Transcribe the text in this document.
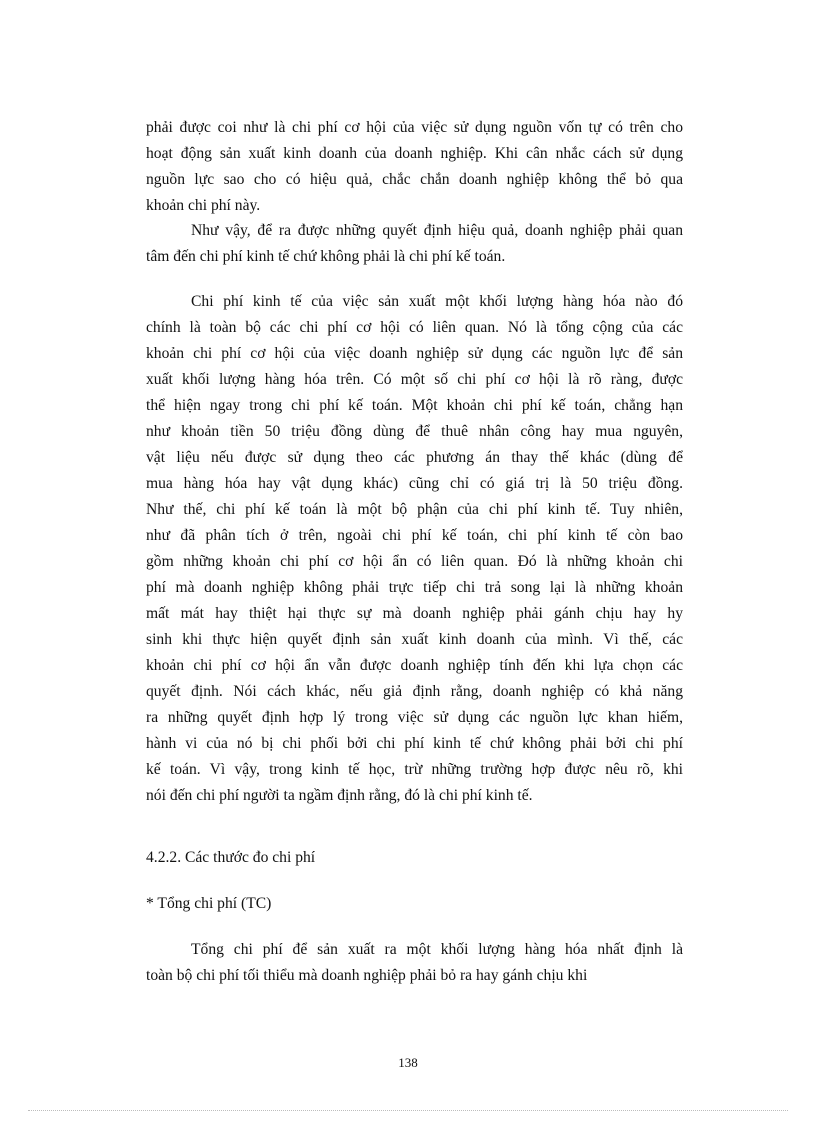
phải được coi như là chi phí cơ hội của việc sử dụng nguồn vốn tự có trên cho
hoạt động sản xuất kinh doanh của doanh nghiệp. Khi cân nhắc cách sử dụng
nguồn lực sao cho có hiệu quả, chắc chắn doanh nghiệp không thể bỏ qua
khoản chi phí này.
Như vậy, để ra được những quyết định hiệu quả, doanh nghiệp phải quan
tâm đến chi phí kinh tế chứ không phải là chi phí kế toán.
Chi phí kinh tế của việc sản xuất một khối lượng hàng hóa nào đó
chính là toàn bộ các chi phí cơ hội có liên quan. Nó là tổng cộng của các
khoản chi phí cơ hội của việc doanh nghiệp sử dụng các nguồn lực để sản
xuất khối lượng hàng hóa trên. Có một số chi phí cơ hội là rõ ràng, được
thể hiện ngay trong chi phí kế toán. Một khoản chi phí kế toán, chẳng hạn
như khoản tiền 50 triệu đồng dùng để thuê nhân công hay mua nguyên,
vật liệu nếu được sử dụng theo các phương án thay thế khác (dùng để
mua hàng hóa hay vật dụng khác) cũng chỉ có giá trị là 50 triệu đồng.
Như thế, chi phí kế toán là một bộ phận của chi phí kinh tế. Tuy nhiên,
như đã phân tích ở trên, ngoài chi phí kế toán, chi phí kinh tế còn bao
gồm những khoản chi phí cơ hội ẩn có liên quan. Đó là những khoản chi
phí mà doanh nghiệp không phải trực tiếp chi trả song lại là những khoản
mất mát hay thiệt hại thực sự mà doanh nghiệp phải gánh chịu hay hy
sinh khi thực hiện quyết định sản xuất kinh doanh của mình. Vì thế, các
khoản chi phí cơ hội ẩn vẫn được doanh nghiệp tính đến khi lựa chọn các
quyết định. Nói cách khác, nếu giả định rằng, doanh nghiệp có khả năng
ra những quyết định hợp lý trong việc sử dụng các nguồn lực khan hiếm,
hành vi của nó bị chi phối bởi chi phí kinh tế chứ không phải bởi chi phí
kế toán. Vì vậy, trong kinh tế học, trừ những trường hợp được nêu rõ, khi
nói đến chi phí người ta ngầm định rằng, đó là chi phí kinh tế.
4.2.2. Các thước đo chi phí
* Tổng chi phí (TC)
Tổng chi phí để sản xuất ra một khối lượng hàng hóa nhất định là
toàn bộ chi phí tối thiểu mà doanh nghiệp phải bỏ ra hay gánh chịu khi
138
